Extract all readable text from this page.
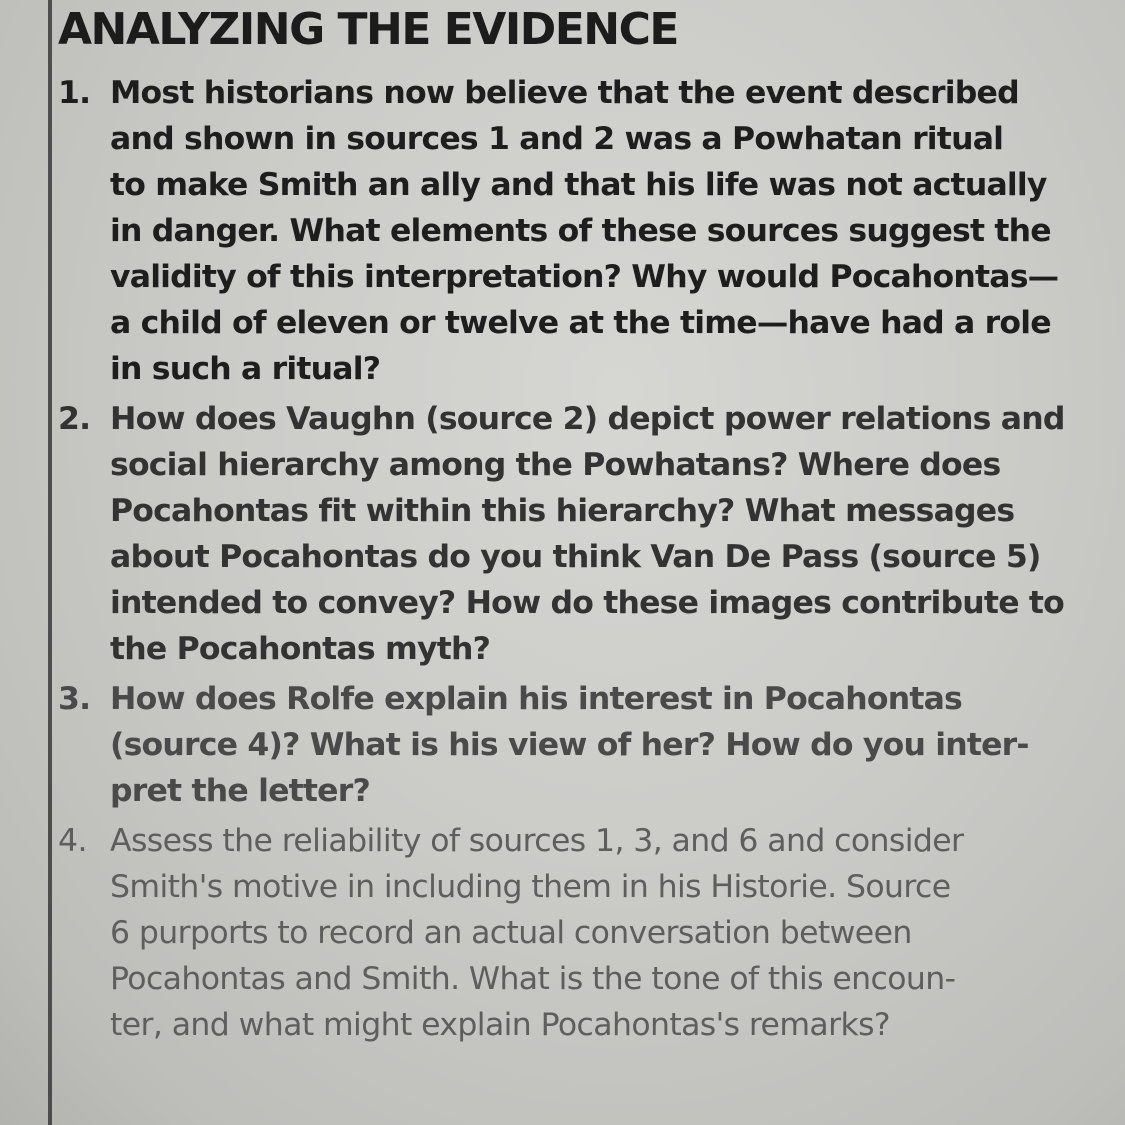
ANALYZING THE EVIDENCE
1. Most historians now believe that the event described
and shown in sources 1 and 2 was a Powhatan ritual
to make Smith an ally and that his life was not actually
in danger. What elements of these sources suggest the
validity of this interpretation? Why would Pocahontas—
a child of eleven or twelve at the time—have had a role
in such a ritual?
2. How does Vaughn (source 2) depict power relations and
social hierarchy among the Powhatans? Where does
Pocahontas fit within this hierarchy? What messages
about Pocahontas do you think Van De Pass (source 5)
intended to convey? How do these images contribute to
the Pocahontas myth?
3. How does Rolfe explain his interest in Pocahontas
(source 4)? What is his view of her? How do you inter-
pret the letter?
4. Assess the reliability of sources 1, 3, and 6 and consider
Smith's motive in including them in his Historie. Source
6 purports to record an actual conversation between
Pocahontas and Smith. What is the tone of this encoun-
ter, and what might explain Pocahontas's remarks?
